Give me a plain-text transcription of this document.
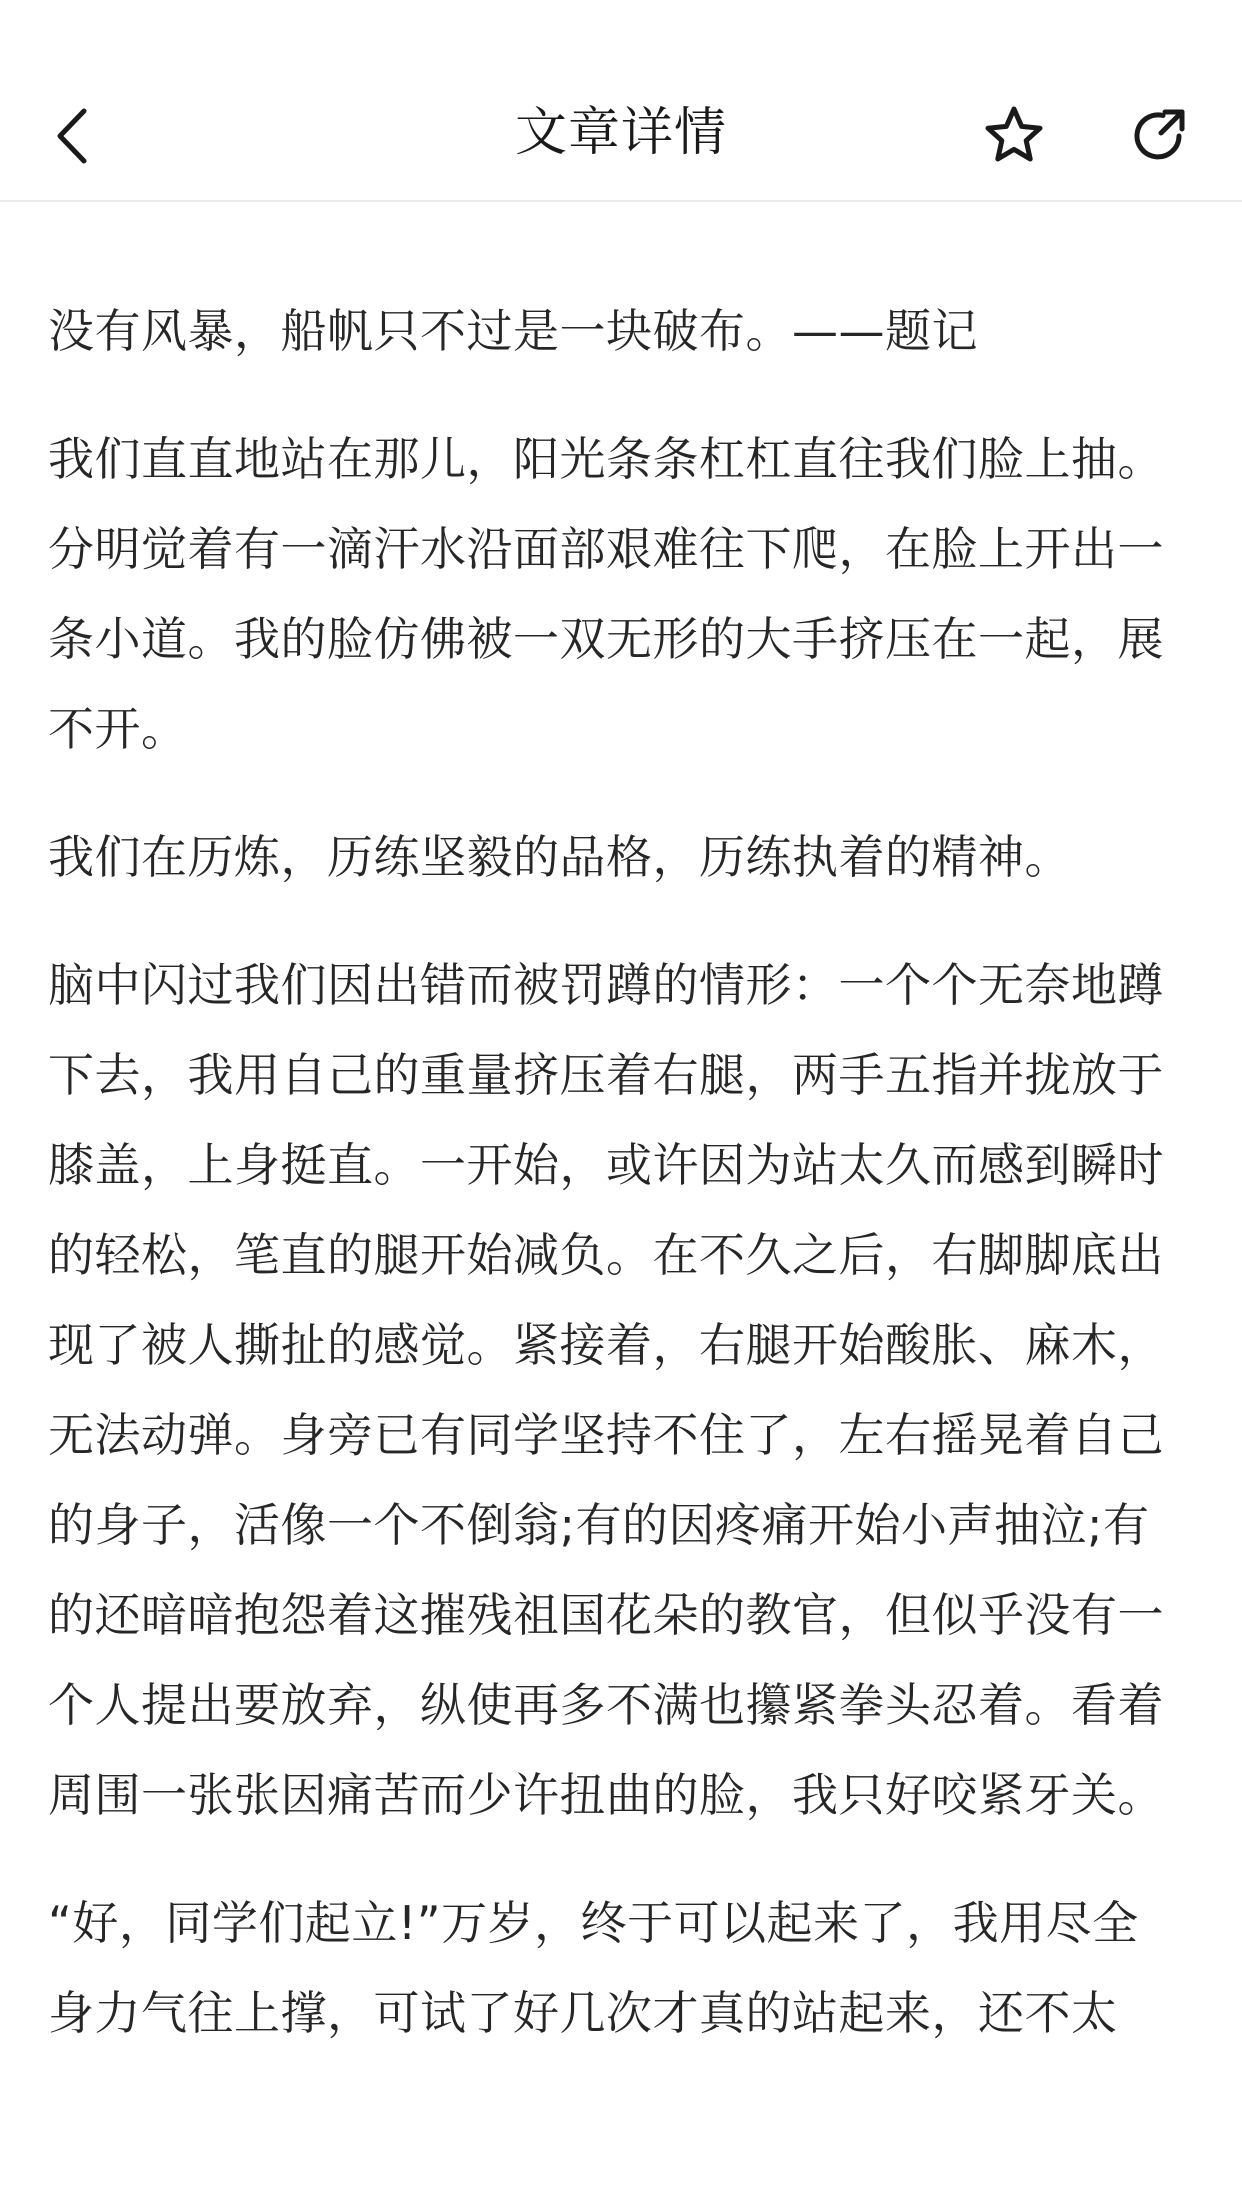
文章详情

没有风暴，船帆只不过是一块破布。——题记

我们直直地站在那儿，阳光条条杠杠直往我们脸上抽。分明觉着有一滴汗水沿面部艰难往下爬，在脸上开出一条小道。我的脸仿佛被一双无形的大手挤压在一起，展不开。

我们在历炼，历练坚毅的品格，历练执着的精神。

脑中闪过我们因出错而被罚蹲的情形：一个个无奈地蹲下去，我用自己的重量挤压着右腿，两手五指并拢放于膝盖，上身挺直。一开始，或许因为站太久而感到瞬时的轻松，笔直的腿开始减负。在不久之后，右脚脚底出现了被人撕扯的感觉。紧接着，右腿开始酸胀、麻木，无法动弹。身旁已有同学坚持不住了，左右摇晃着自己的身子，活像一个不倒翁;有的因疼痛开始小声抽泣;有的还暗暗抱怨着这摧残祖国花朵的教官，但似乎没有一个人提出要放弃，纵使再多不满也攥紧拳头忍着。看着周围一张张因痛苦而少许扭曲的脸，我只好咬紧牙关。

“好，同学们起立!”万岁，终于可以起来了，我用尽全身力气往上撑，可试了好几次才真的站起来，还不太
